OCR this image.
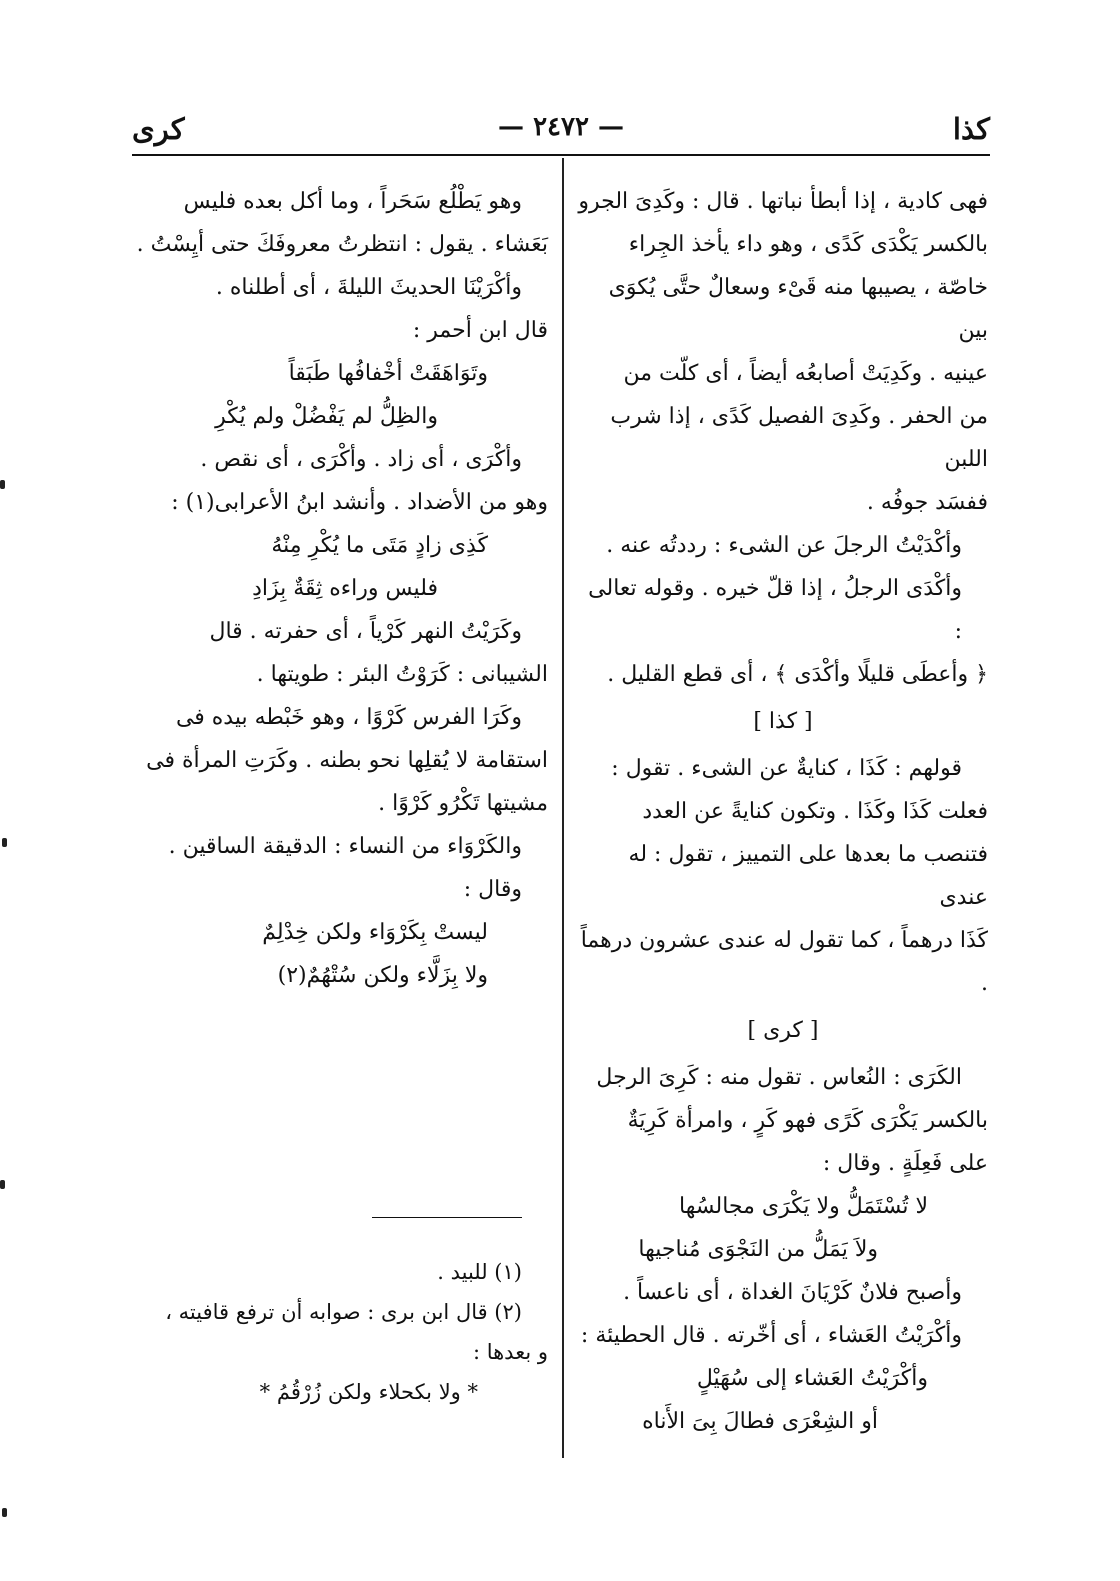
كذا
— ٢٤٧٢ —
كرى

فهى كادية ، إذا أبطأ نباتها . قال : وكَدِىَ الجرو

بالكسر يَكْدَى كَدًى ، وهو داء يأخذ الجِراء

خاصّة ، يصيبها منه قَىْء وسعالٌ حتَّى يُكوَى بين

عينيه . وكَدِيَتْ أصابعُه أيضاً ، أى كلّت من

من الحفر . وكَدِىَ الفصيل كَدًى ، إذا شرب اللبن

ففسَد جوفُه .

وأكْدَيْتُ الرجلَ عن الشىء : رددتُه عنه .

وأكْدَى الرجلُ ، إذا قلّ خيره . وقوله تعالى :

﴿ وأعطَى قليلًا وأكْدَى ﴾ ، أى قطع القليل .

[ كذا ]

قولهم : كَذَا ، كنايةٌ عن الشىء . تقول :

فعلت كَذَا وكَذَا . وتكون كنايةً عن العدد

فتنصب ما بعدها على التمييز ، تقول : له عندى

كَذَا درهماً ، كما تقول له عندى عشرون درهماً .

[ كرى ]

الكَرَى : النُعاس . تقول منه : كَرِىَ الرجل

بالكسر يَكْرَى كَرًى فهو كَرٍ ، وامرأة كَرِيَةٌ

على فَعِلَةٍ . وقال :

لا تُسْتَمَلُّ ولا يَكْرَى مجالسُها

ولاَ يَمَلُّ من النَجْوَى مُناجيها

وأصبح فلانٌ كَرْيَانَ الغداة ، أى ناعساً .

وأكْرَيْتُ العَشاء ، أى أخّرته . قال الحطيئة :

وأكْرَيْتُ العَشاء إلى سُهَيْلٍ

أو الشِعْرَى فطالَ بِىَ الأَناه

وهو يَطْلُع سَحَراً ، وما أكل بعده فليس

بَعَشاء . يقول : انتظرتُ معروفَكَ حتى أيِسْتُ .

وأكْرَيْنَا الحديثَ الليلةَ ، أى أطلناه .

قال ابن أحمر :

وتَوَاهَقَتْ أخْفافُها طَبَقاً

والظِلُّ لم يَفْضُلْ ولم يُكْرِ

وأكْرَى ، أى زاد . وأكْرَى ، أى نقص .

وهو من الأضداد . وأنشد ابنُ الأعرابى(١) :

كَذِى زادٍ مَتَى ما يُكْرِ مِنْهُ

فليس وراءه ثِقَةٌ بِزَادِ

وكَرَيْتُ النهر كَرْياً ، أى حفرته . قال

الشيبانى : كَرَوْتُ البئر : طويتها .

وكَرَا الفرس كَرْوًا ، وهو خَبْطه بيده فى

استقامة لا يُقلِها نحو بطنه . وكَرَتِ المرأة فى

مشيتها تَكْرُو كَرْوًا .

والكَرْوَاء من النساء : الدقيقة الساقين .

وقال :

ليستْ بِكَرْوَاء ولكن خِدْلِمٌ

ولا بِزَلَّاء ولكن سُتْهُمٌ(٢)

(١) للبيد .

(٢) قال ابن برى : صوابه أن ترفع قافيته ،

و بعدها :

* ولا بكحلاء ولكن زُرْقُمُ *
